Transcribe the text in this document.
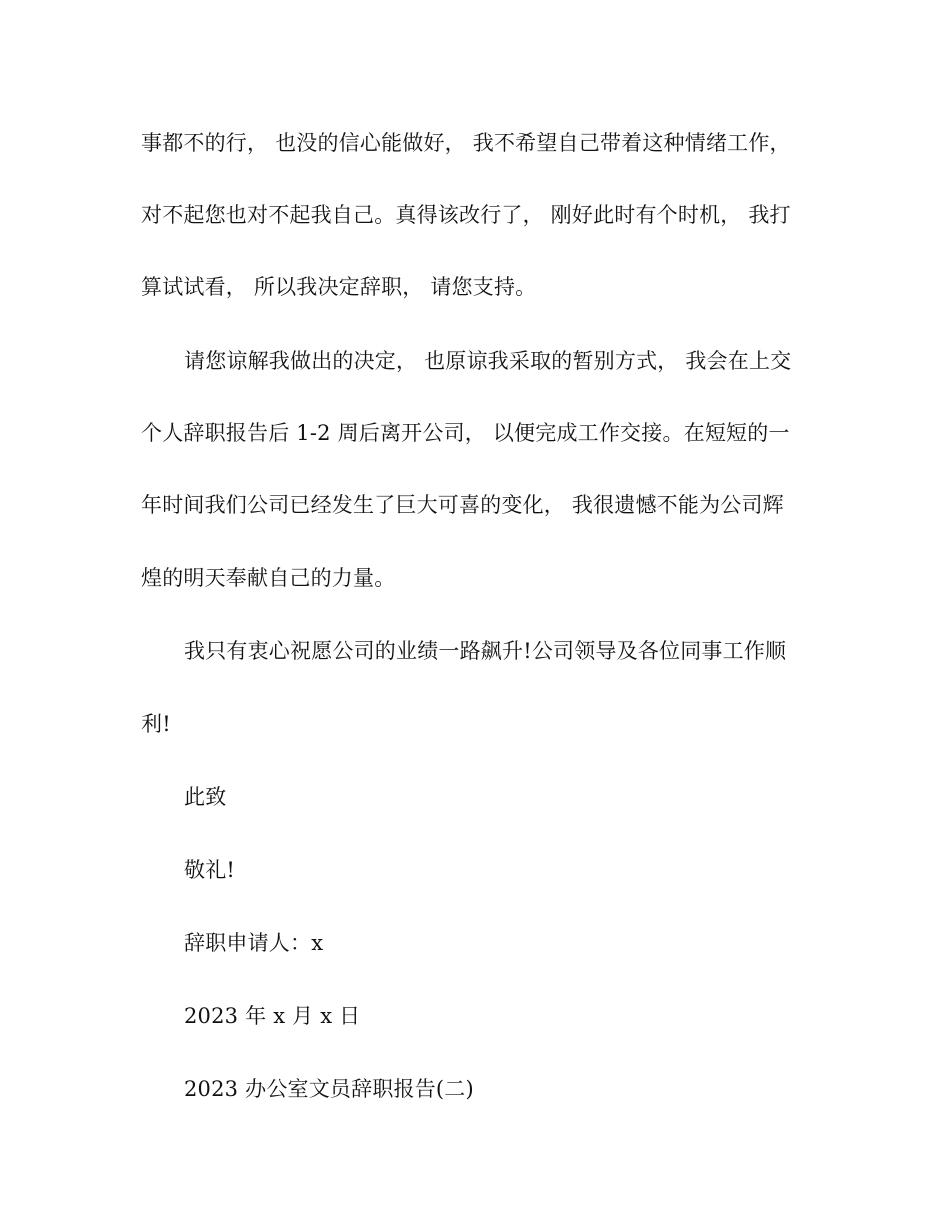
事都不的行， 也没的信心能做好， 我不希望自己带着这种情绪工作，
对不起您也对不起我自己。真得该改行了， 刚好此时有个时机， 我打
算试试看， 所以我决定辞职， 请您支持。
请您谅解我做出的决定， 也原谅我采取的暂别方式， 我会在上交
个人辞职报告后 1-2 周后离开公司， 以便完成工作交接。在短短的一
年时间我们公司已经发生了巨大可喜的变化， 我很遗憾不能为公司辉
煌的明天奉献自己的力量。
我只有衷心祝愿公司的业绩一路飙升!公司领导及各位同事工作顺
利!
此致
敬礼!
辞职申请人：x
2023 年 x 月 x 日
2023 办公室文员辞职报告(二)
